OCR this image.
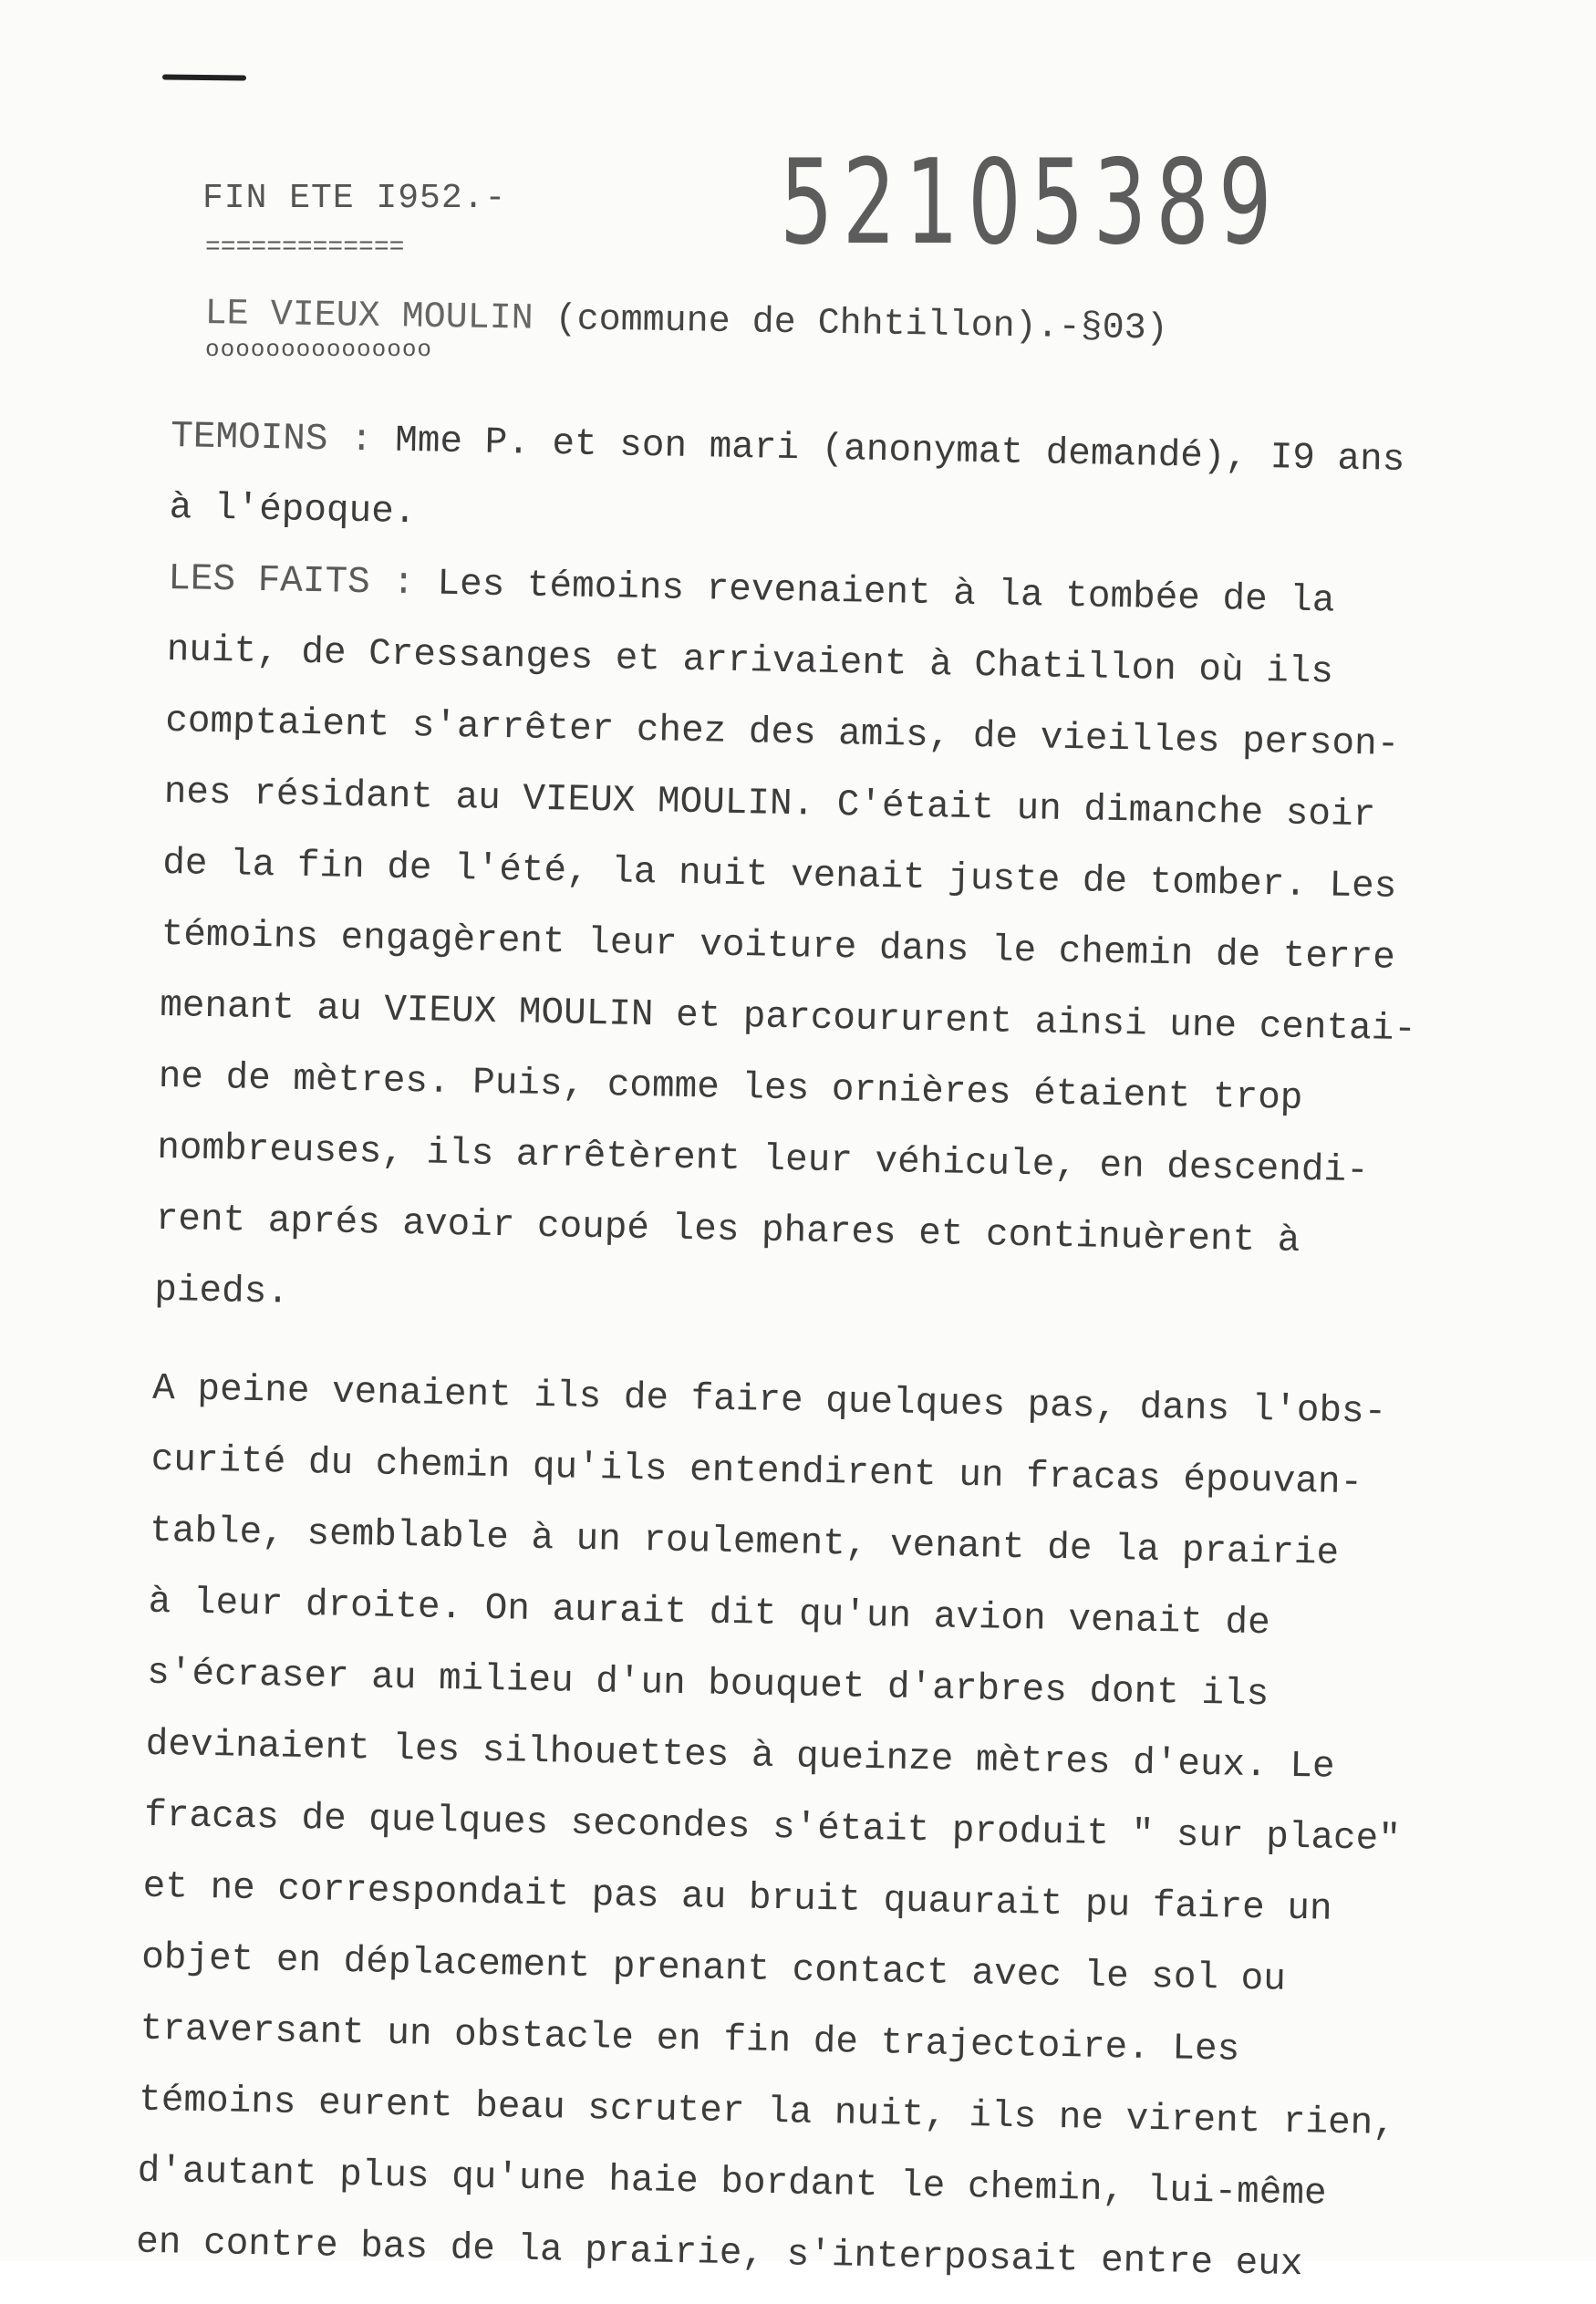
52105389
FIN ETE I952.-
=============
LE VIEUX MOULIN (commune de Chhtillon).-§03)
ooooooooooooooo
TEMOINS : Mme P. et son mari (anonymat demandé), I9 ans
à l'époque.
LES FAITS : Les témoins revenaient à la tombée de la
nuit, de Cressanges et arrivaient à Chatillon où ils
comptaient s'arrêter chez des amis, de vieilles person-
nes résidant au VIEUX MOULIN. C'était un dimanche soir
de la fin de l'été, la nuit venait juste de tomber. Les
témoins engagèrent leur voiture dans le chemin de terre
menant au VIEUX MOULIN et parcoururent ainsi une centai-
ne de mètres. Puis, comme les ornières étaient trop
nombreuses, ils arrêtèrent leur véhicule, en descendi-
rent aprés avoir coupé les phares et continuèrent à
pieds.
A peine venaient ils de faire quelques pas, dans l'obs-
curité du chemin qu'ils entendirent un fracas épouvan-
table, semblable à un roulement, venant de la prairie
à leur droite. On aurait dit qu'un avion venait de
s'écraser au milieu d'un bouquet d'arbres dont ils
devinaient les silhouettes à queinze mètres d'eux. Le
fracas de quelques secondes s'était produit " sur place"
et ne correspondait pas au bruit quaurait pu faire un
objet en déplacement prenant contact avec le sol ou
traversant un obstacle en fin de trajectoire. Les
témoins eurent beau scruter la nuit, ils ne virent rien,
d'autant plus qu'une haie bordant le chemin, lui-même
en contre bas de la prairie, s'interposait entre eux
